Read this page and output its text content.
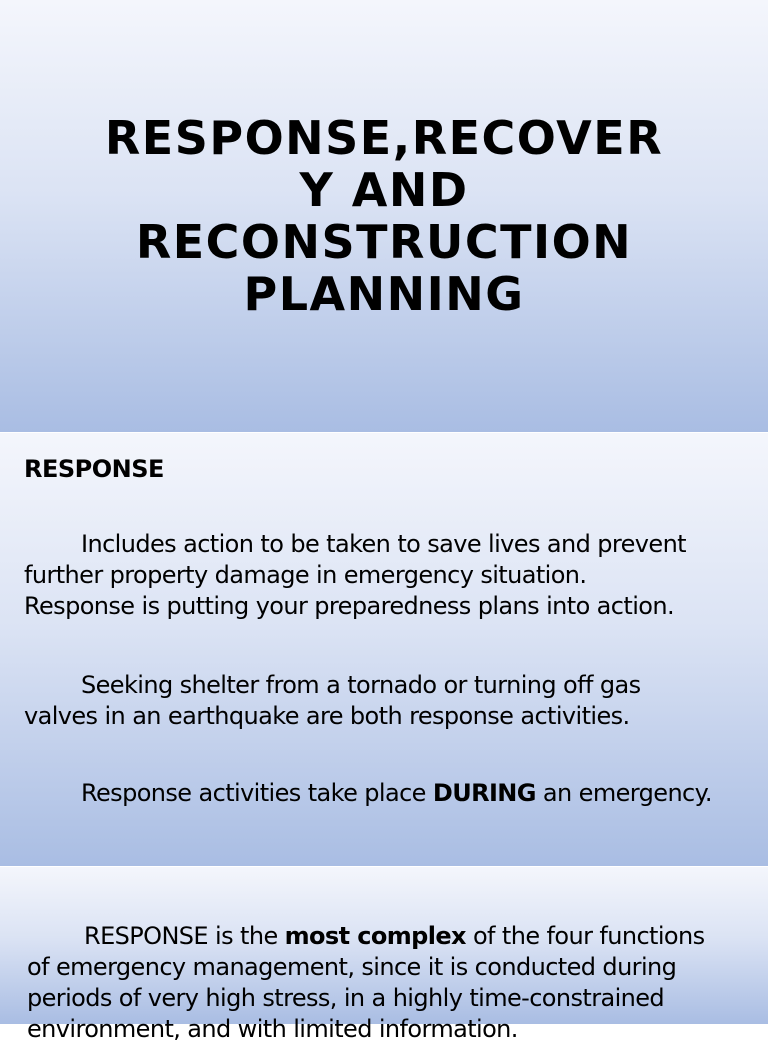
RESPONSE,RECOVER
Y AND
RECONSTRUCTION
PLANNING
RESPONSE
Includes action to be taken to save lives and prevent
further property damage in emergency situation.
Response is putting your preparedness plans into action.
Seeking shelter from a tornado or turning off gas
valves in an earthquake are both response activities.
Response activities take place DURING an emergency.
RESPONSE is the most complex of the four functions
of emergency management, since it is conducted during
periods of very high stress, in a highly time-constrained
environment, and with limited information.
